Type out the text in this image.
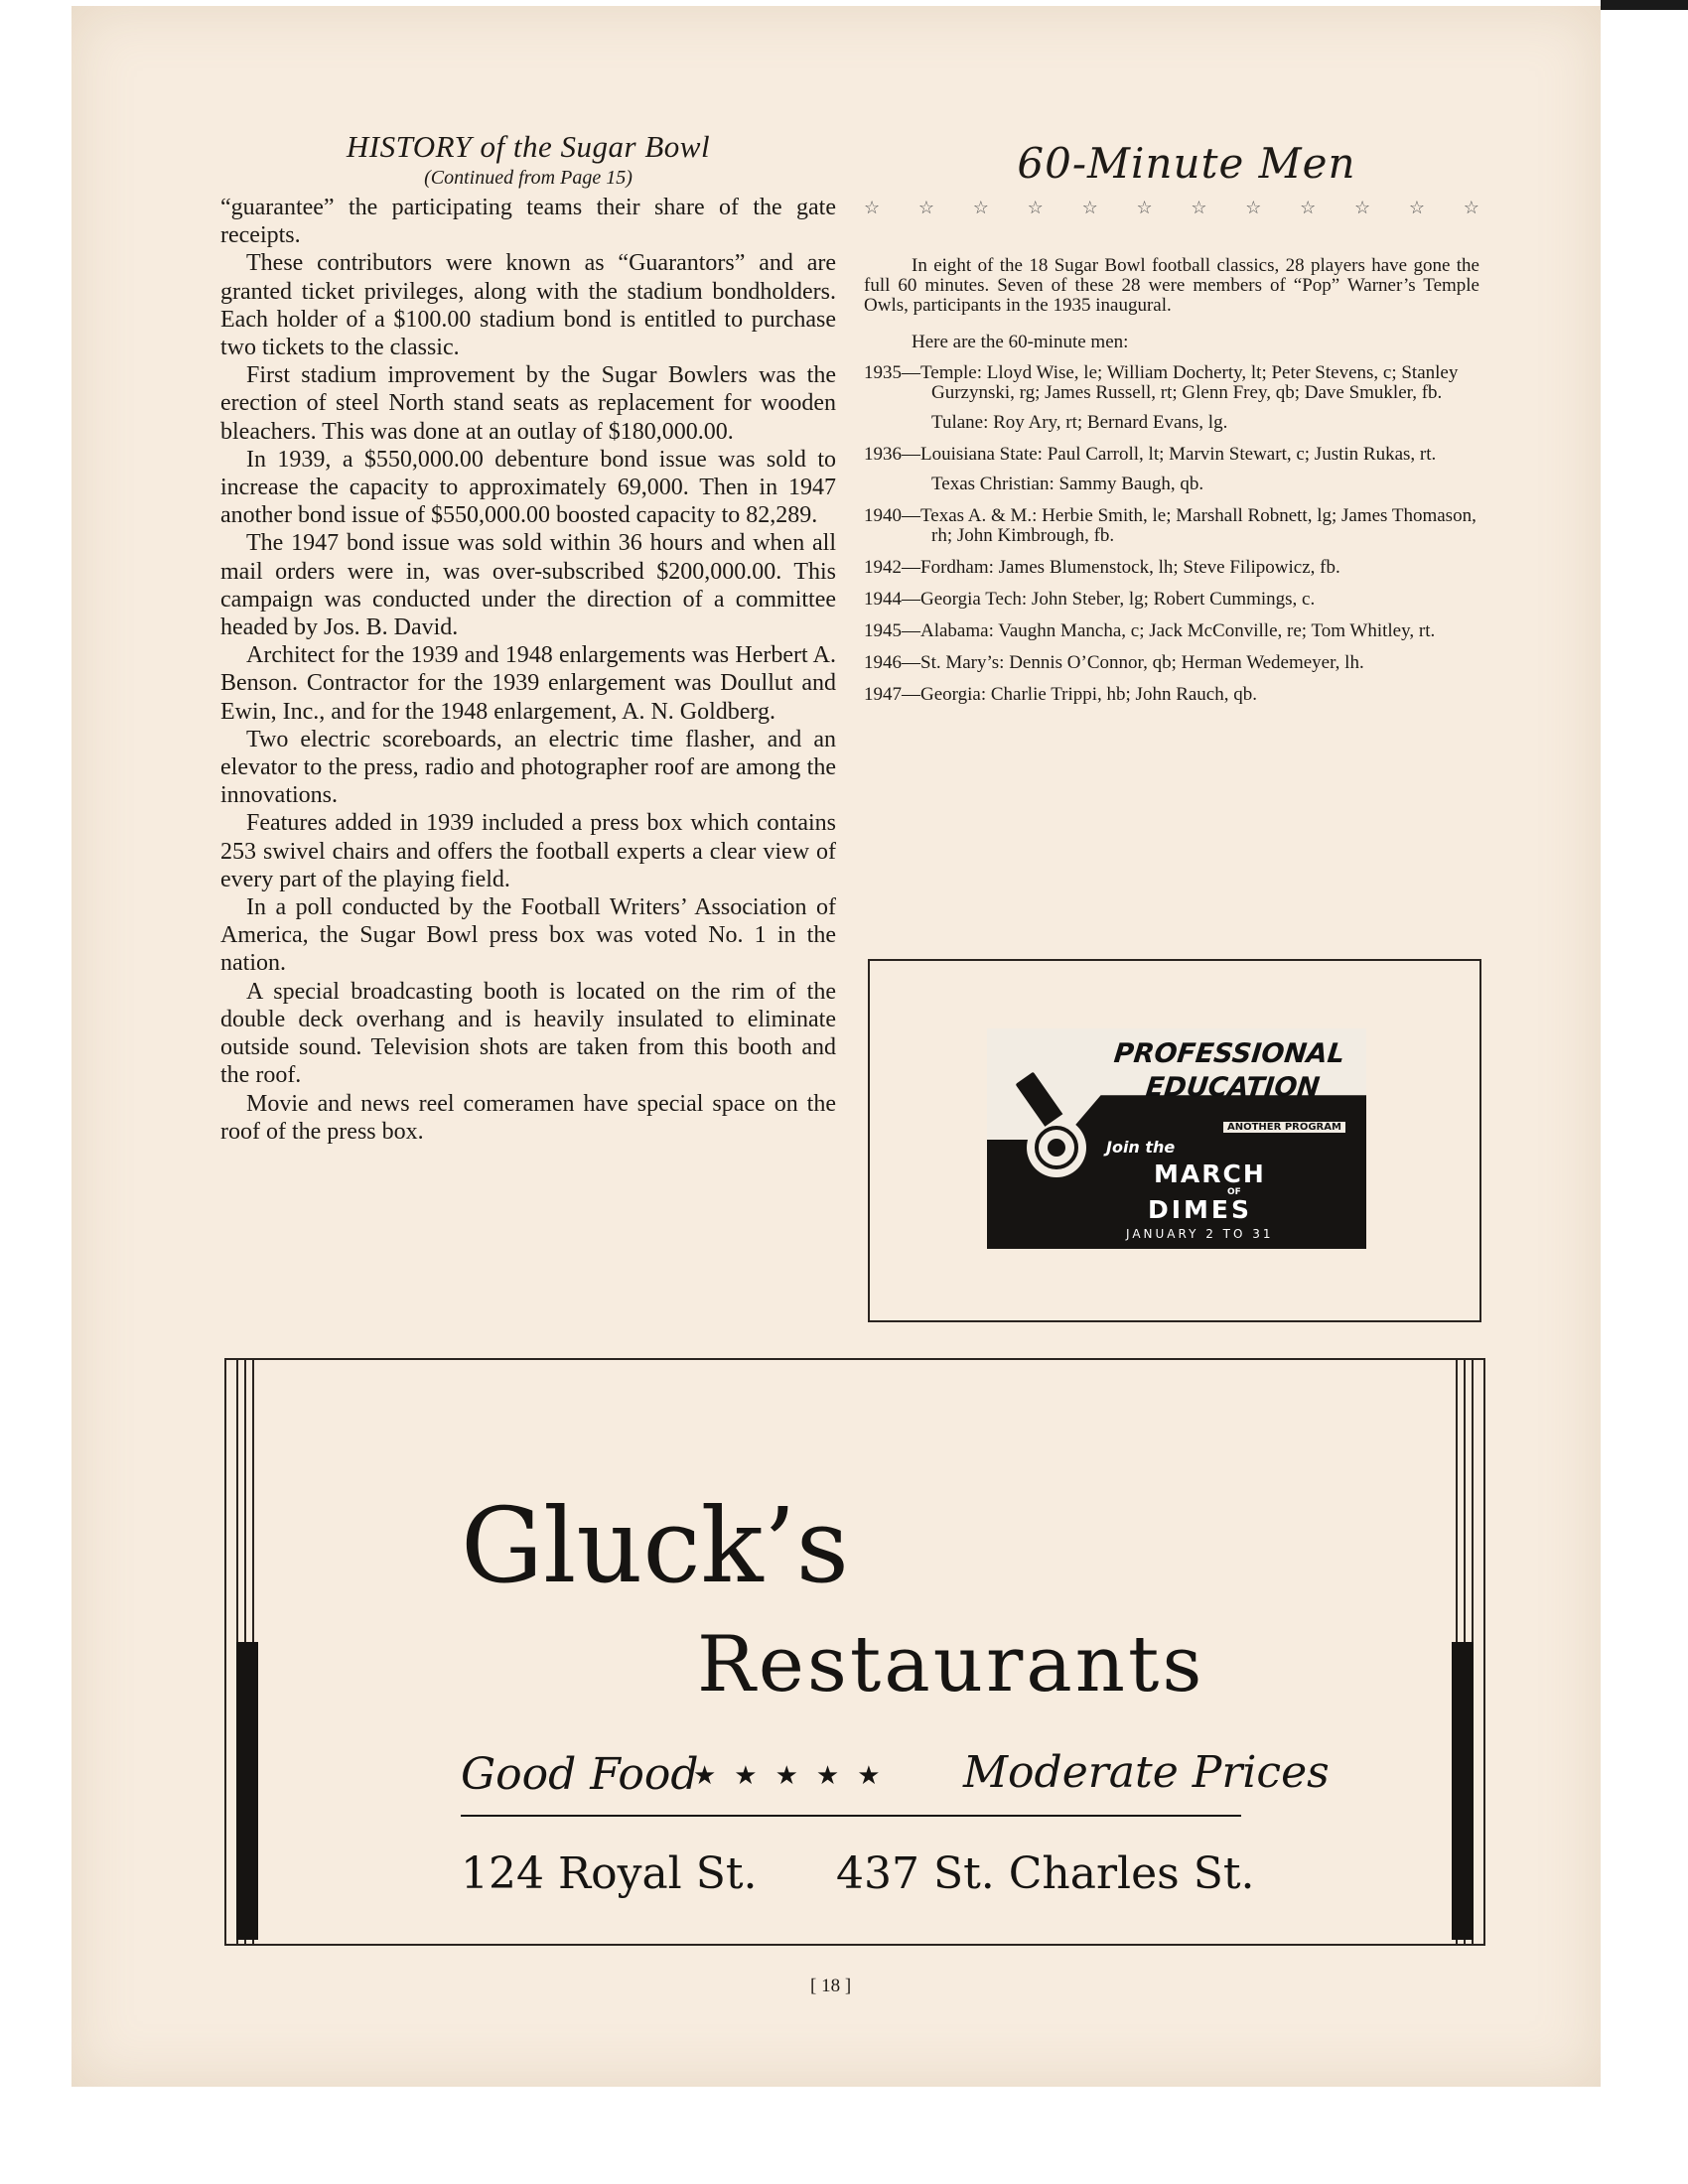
HISTORY of the Sugar Bowl
(Continued from Page 15)

“guarantee” the participating teams their share of the gate receipts.

These contributors were known as “Guarantors” and are granted ticket privileges, along with the stadium bondholders. Each holder of a $100.00 stadium bond is entitled to purchase two tickets to the classic.

First stadium improvement by the Sugar Bowlers was the erection of steel North stand seats as replacement for wooden bleachers. This was done at an outlay of $180,000.00.

In 1939, a $550,000.00 debenture bond issue was sold to increase the capacity to approximately 69,000. Then in 1947 another bond issue of $550,000.00 boosted capacity to 82,289.

The 1947 bond issue was sold within 36 hours and when all mail orders were in, was over-subscribed $200,000.00. This campaign was conducted under the direction of a committee headed by Jos. B. David.

Architect for the 1939 and 1948 enlargements was Herbert A. Benson. Contractor for the 1939 enlargement was Doullut and Ewin, Inc., and for the 1948 enlargement, A. N. Goldberg.

Two electric scoreboards, an electric time flasher, and an elevator to the press, radio and photographer roof are among the innovations.

Features added in 1939 included a press box which contains 253 swivel chairs and offers the football experts a clear view of every part of the playing field.

In a poll conducted by the Football Writers’ Association of America, the Sugar Bowl press box was voted No. 1 in the nation.

A special broadcasting booth is located on the rim of the double deck overhang and is heavily insulated to eliminate outside sound. Television shots are taken from this booth and the roof.

Movie and news reel comeramen have special space on the roof of the press box.

60-Minute Men
☆ ☆ ☆ ☆ ☆ ☆ ☆ ☆ ☆ ☆ ☆ ☆

In eight of the 18 Sugar Bowl football classics, 28 players have gone the full 60 minutes. Seven of these 28 were members of “Pop” Warner’s Temple Owls, participants in the 1935 inaugural.

Here are the 60-minute men:

1935—Temple: Lloyd Wise, le; William Docherty, lt; Peter Stevens, c; Stanley Gurzynski, rg; James Russell, rt; Glenn Frey, qb; Dave Smukler, fb.

Tulane: Roy Ary, rt; Bernard Evans, lg.

1936—Louisiana State: Paul Carroll, lt; Marvin Stewart, c; Justin Rukas, rt.

Texas Christian: Sammy Baugh, qb.

1940—Texas A. & M.: Herbie Smith, le; Marshall Robnett, lg; James Thomason, rh; John Kimbrough, fb.

1942—Fordham: James Blumenstock, lh; Steve Filipowicz, fb.

1944—Georgia Tech: John Steber, lg; Robert Cummings, c.

1945—Alabama: Vaughn Mancha, c; Jack McConville, re; Tom Whitley, rt.

1946—St. Mary’s: Dennis O’Connor, qb; Herman Wedemeyer, lh.

1947—Georgia: Charlie Trippi, hb; John Rauch, qb.

PROFESSIONAL
EDUCATION
ANOTHER PROGRAM
Join the
MARCH
OF
DIMES
JANUARY 2 TO 31
Gluck’s
Restaurants
Good Food
★★★★★ Moderate Prices
124 Royal St. 437 St. Charles St.
[ 18 ]
